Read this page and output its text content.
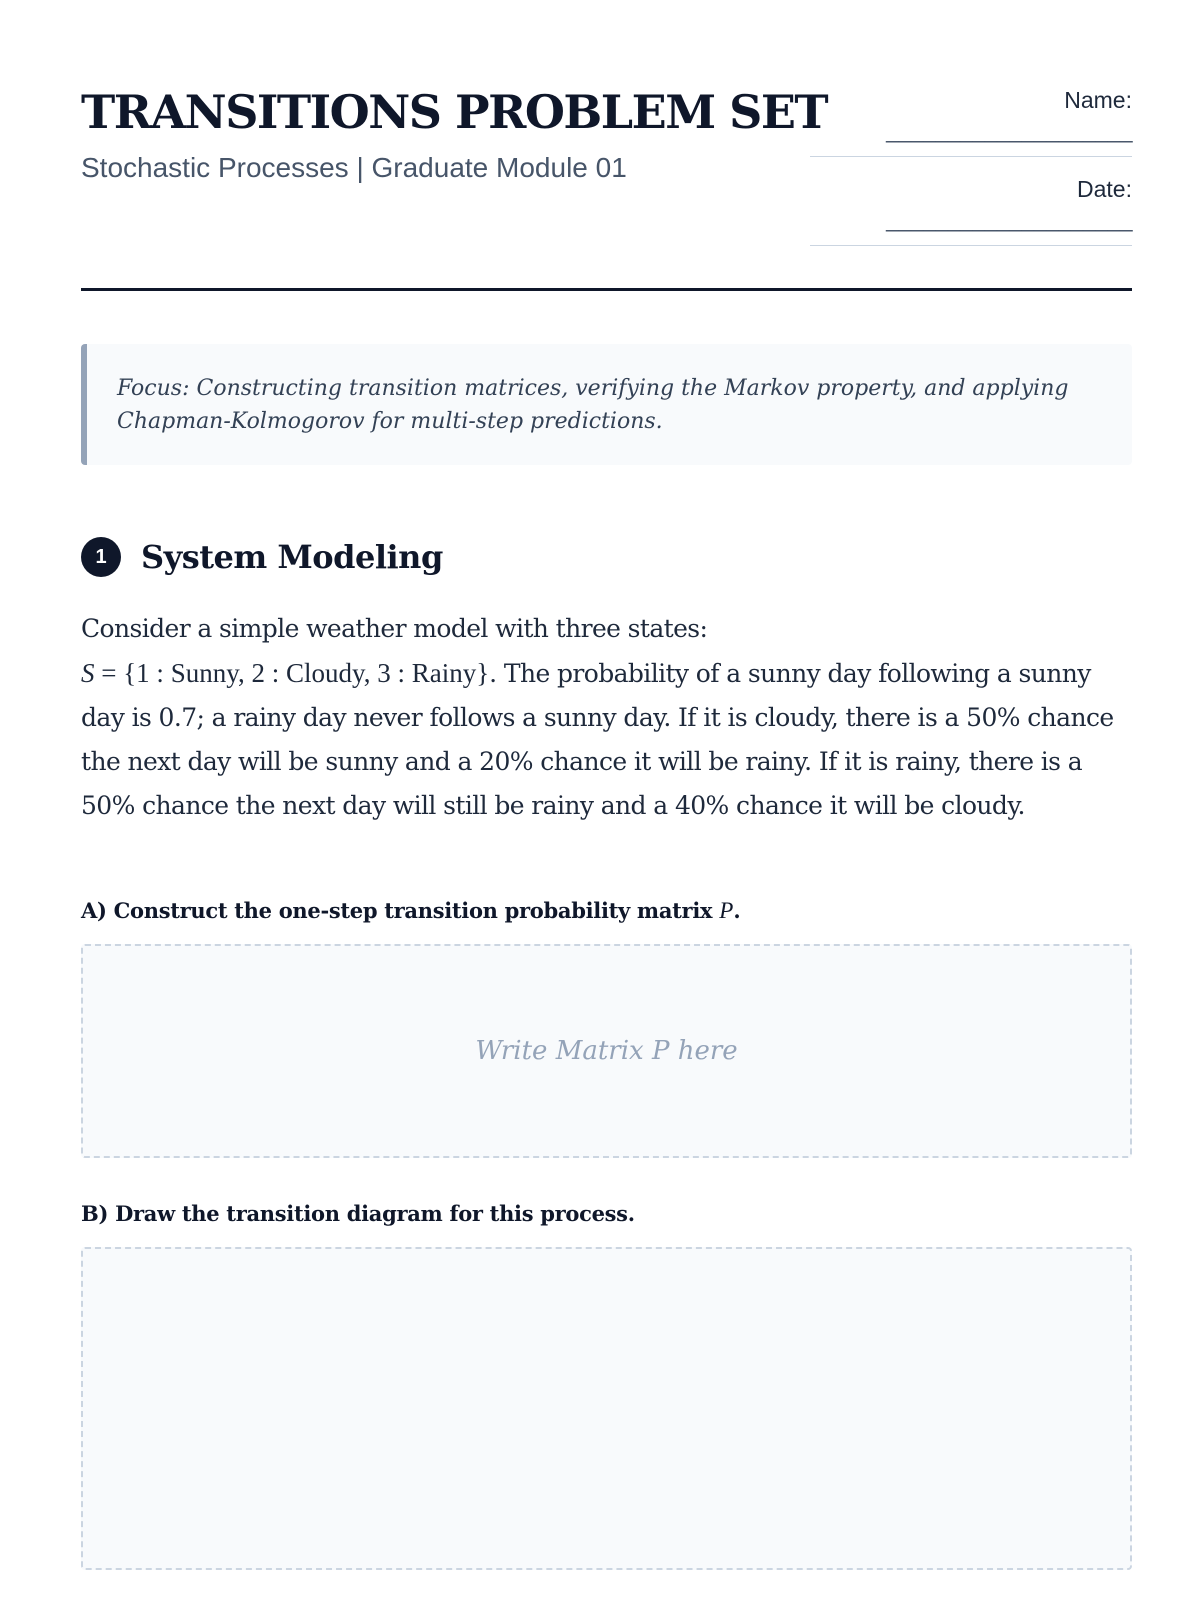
TRANSITIONS PROBLEM SET
Stochastic Processes | Graduate Module 01
Name:
____________________
Date:
____________________
Focus: Constructing transition matrices, verifying the Markov property, and applying Chapman-Kolmogorov for multi-step predictions.
1	System Modeling

Consider a simple weather model with three states:
S = {1 : Sunny, 2 : Cloudy, 3 : Rainy}. The probability of a sunny day following a sunny day is 0.7; a rainy day never follows a sunny day. If it is cloudy, there is a 50% chance the next day will be sunny and a 20% chance it will be rainy. If it is rainy, there is a 50% chance the next day will still be rainy and a 40% chance it will be cloudy.

A) Construct the one-step transition probability matrix P.

Write Matrix P here

B) Draw the transition diagram for this process.
